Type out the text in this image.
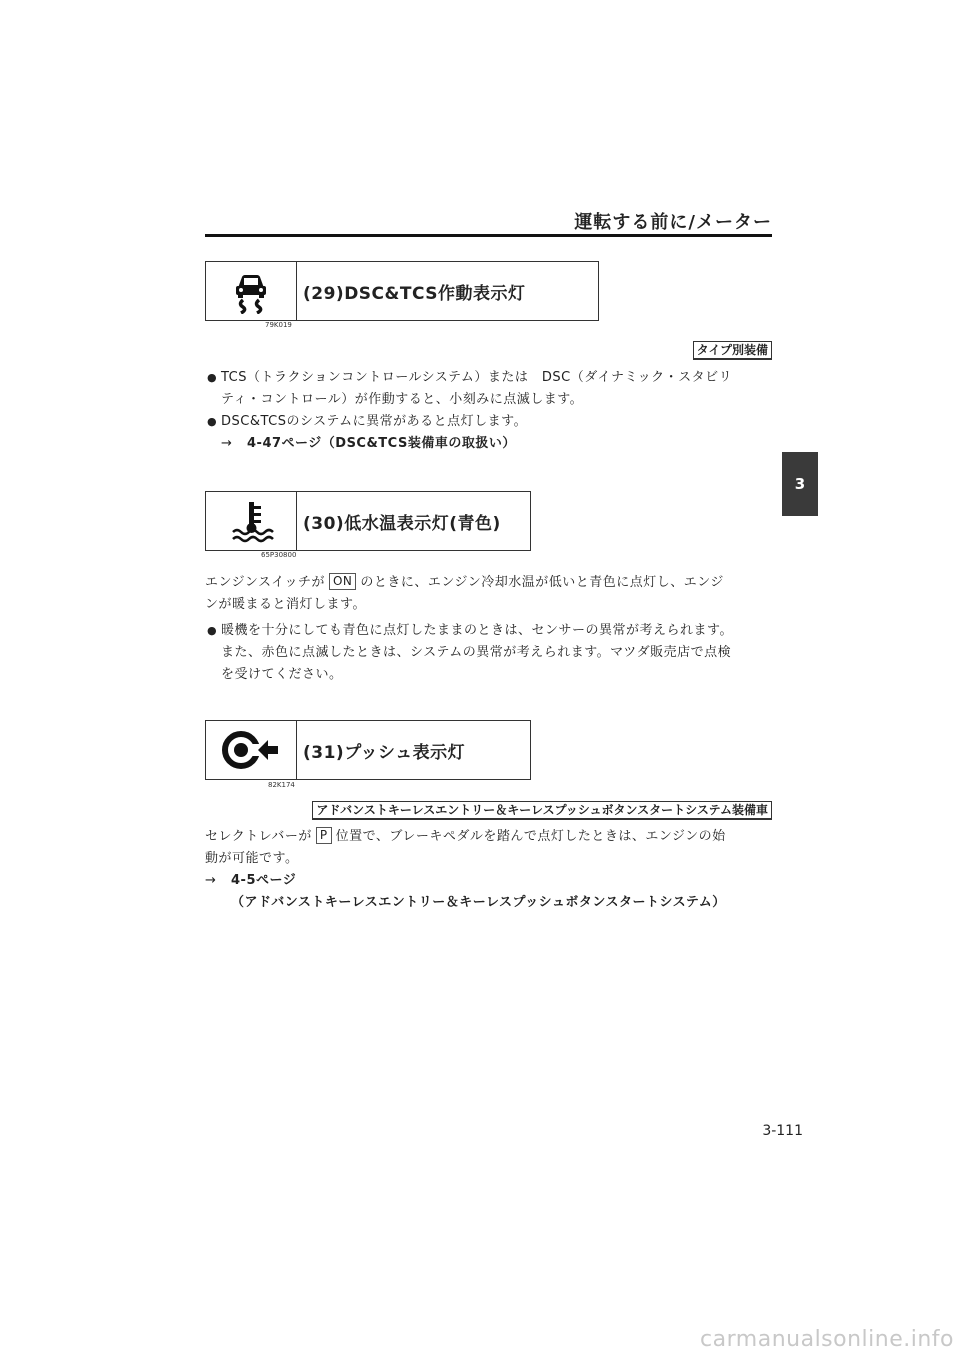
運転する前に/メーター
3
(29)DSC&TCS作動表示灯
79K019
タイプ別装備
● TCS（トラクションコントロールシステム）または　DSC（ダイナミック・スタビリ
ティ・コントロール）が作動すると、小刻みに点滅します。
● DSC&TCSのシステムに異常があると点灯します。
→ 4-47ページ（DSC&TCS装備車の取扱い）
(30)低水温表示灯(青色)
65P30800
エンジンスイッチが ON のときに、エンジン冷却水温が低いと青色に点灯し、エンジ
ンが暖まると消灯します。
● 暖機を十分にしても青色に点灯したままのときは、センサーの異常が考えられます。
また、赤色に点滅したときは、システムの異常が考えられます。マツダ販売店で点検
を受けてください。
(31)プッシュ表示灯
82K174
アドバンストキーレスエントリー＆キーレスプッシュボタンスタートシステム装備車
セレクトレバーが P 位置で、ブレーキペダルを踏んで点灯したときは、エンジンの始
動が可能です。
→ 4-5ページ
（アドバンストキーレスエントリー＆キーレスプッシュボタンスタートシステム）
3-111
carmanualsonline.info
